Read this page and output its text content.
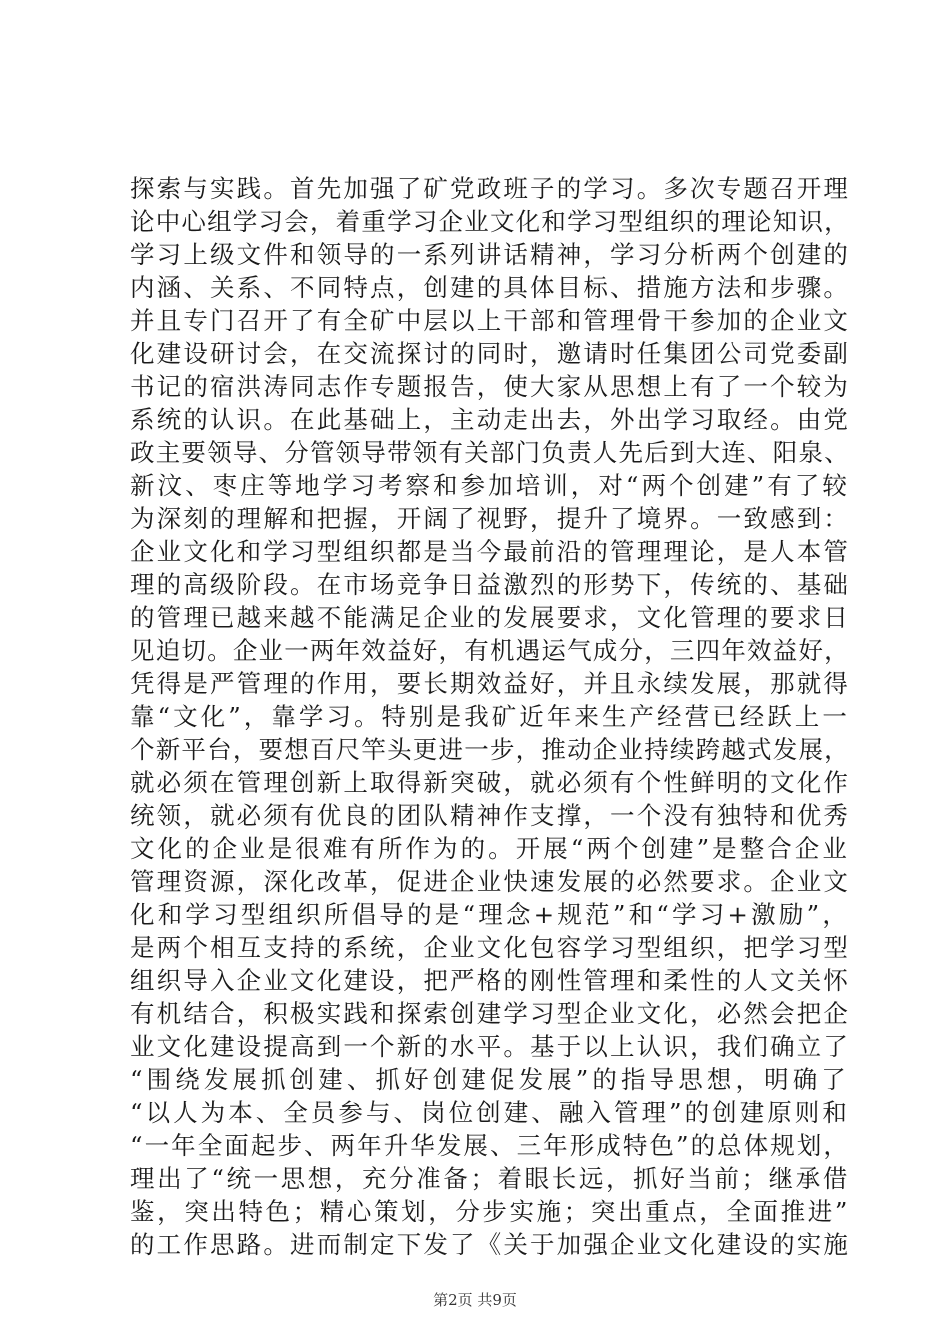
探索与实践。首先加强了矿党政班子的学习。多次专题召开理
论中心组学习会，着重学习企业文化和学习型组织的理论知识，
学习上级文件和领导的一系列讲话精神，学习分析两个创建的
内涵、关系、不同特点，创建的具体目标、措施方法和步骤。
并且专门召开了有全矿中层以上干部和管理骨干参加的企业文
化建设研讨会，在交流探讨的同时，邀请时任集团公司党委副
书记的宿洪涛同志作专题报告，使大家从思想上有了一个较为
系统的认识。在此基础上，主动走出去，外出学习取经。由党
政主要领导、分管领导带领有关部门负责人先后到大连、阳泉、
新汶、枣庄等地学习考察和参加培训，对“两个创建”有了较
为深刻的理解和把握，开阔了视野，提升了境界。一致感到：
企业文化和学习型组织都是当今最前沿的管理理论，是人本管
理的高级阶段。在市场竞争日益激烈的形势下，传统的、基础
的管理已越来越不能满足企业的发展要求，文化管理的要求日
见迫切。企业一两年效益好，有机遇运气成分，三四年效益好，
凭得是严管理的作用，要长期效益好，并且永续发展，那就得
靠“文化”，靠学习。特别是我矿近年来生产经营已经跃上一
个新平台，要想百尺竿头更进一步，推动企业持续跨越式发展，
就必须在管理创新上取得新突破，就必须有个性鲜明的文化作
统领，就必须有优良的团队精神作支撑，一个没有独特和优秀
文化的企业是很难有所作为的。开展“两个创建”是整合企业
管理资源，深化改革，促进企业快速发展的必然要求。企业文
化和学习型组织所倡导的是“理念+规范”和“学习+激励”，
是两个相互支持的系统，企业文化包容学习型组织，把学习型
组织导入企业文化建设，把严格的刚性管理和柔性的人文关怀
有机结合，积极实践和探索创建学习型企业文化，必然会把企
业文化建设提高到一个新的水平。基于以上认识，我们确立了
“围绕发展抓创建、抓好创建促发展”的指导思想，明确了
“以人为本、全员参与、岗位创建、融入管理”的创建原则和
“一年全面起步、两年升华发展、三年形成特色”的总体规划，
理出了“统一思想，充分准备；着眼长远，抓好当前；继承借
鉴，突出特色；精心策划，分步实施；突出重点，全面推进”
的工作思路。进而制定下发了《关于加强企业文化建设的实施
第2页 共9页
